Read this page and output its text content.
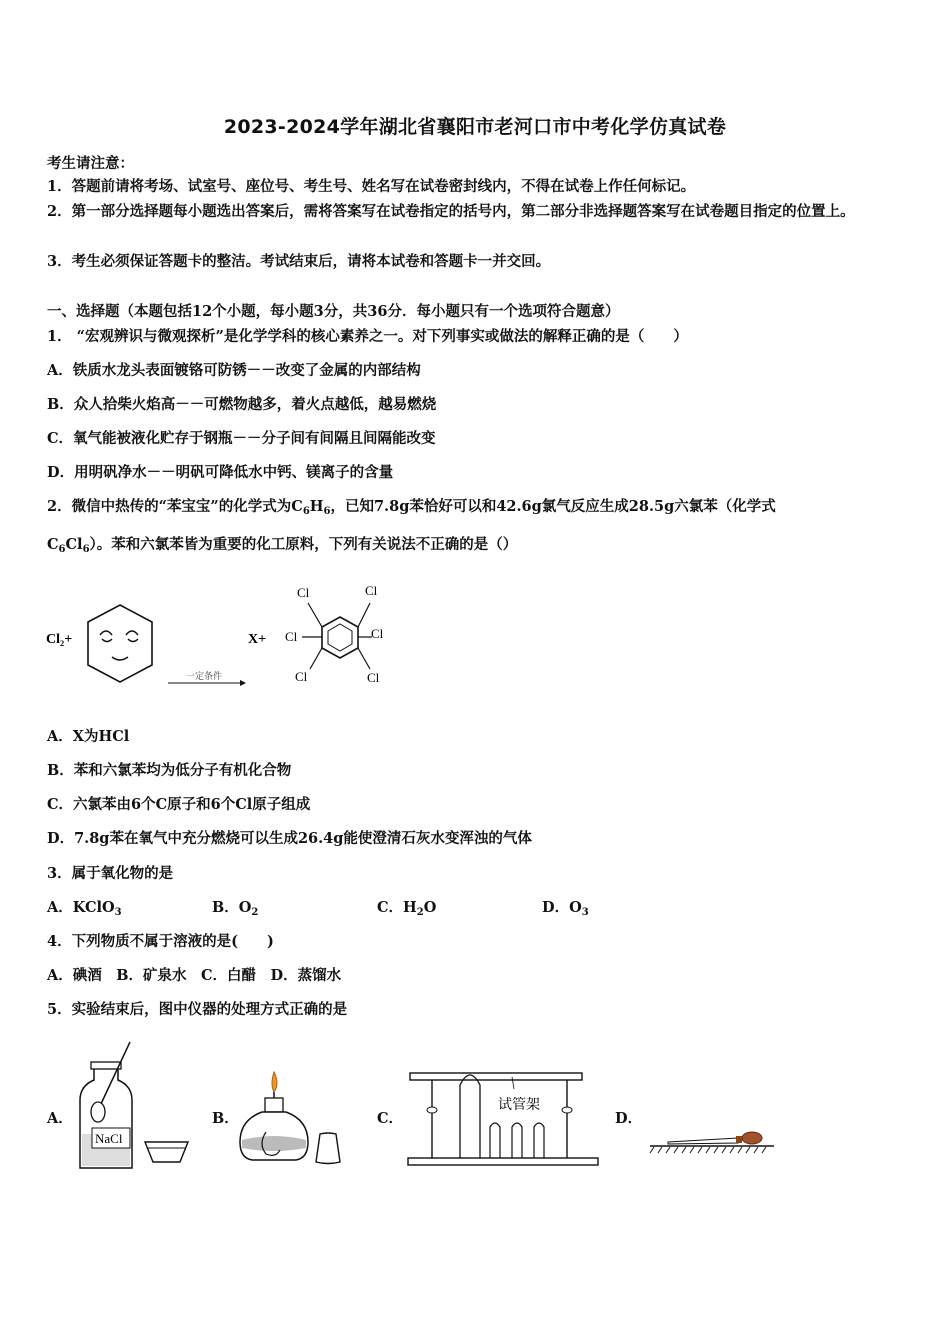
2023-2024学年湖北省襄阳市老河口市中考化学仿真试卷
考生请注意：
1．答题前请将考场、试室号、座位号、考生号、姓名写在试卷密封线内，不得在试卷上作任何标记。
2．第一部分选择题每小题选出答案后，需将答案写在试卷指定的括号内，第二部分非选择题答案写在试卷题目指定的位置上。
3．考生必须保证答题卡的整洁。考试结束后，请将本试卷和答题卡一并交回。
一、选择题（本题包括12个小题，每小题3分，共36分．每小题只有一个选项符合题意）
1． “宏观辨识与微观探析”是化学学科的核心素养之一。对下列事实或做法的解释正确的是（　　）
A．铁质水龙头表面镀铬可防锈－－改变了金属的内部结构
B．众人拾柴火焰高－－可燃物越多，着火点越低，越易燃烧
C．氧气能被液化贮存于钢瓶－－分子间有间隔且间隔能改变
D．用明矾净水－－明矾可降低水中钙、镁离子的含量
2．微信中热传的“苯宝宝”的化学式为$C_6H_6$，已知7.8g苯恰好可以和42.6g氯气反应生成28.5g六氯苯（化学式
$C_6Cl_6$）。苯和六氯苯皆为重要的化工原料，下列有关说法不正确的是（）
Cl₂+
一定条件
X+
Cl	Cl
Cl	Cl
Cl	Cl
A．X为HCl
B．苯和六氯苯均为低分子有机化合物
C．六氯苯由6个C原子和6个Cl原子组成
D．7.8g苯在氧气中充分燃烧可以生成26.4g能使澄清石灰水变浑浊的气体
3．属于氧化物的是
A．KClO$_3$	B．$O_2$	C．$H_2O$	D．$O_3$
4．下列物质不属于溶液的是(　　)
A．碘酒　B．矿泉水　C．白醋　D．蒸馏水
5．实验结束后，图中仪器的处理方式正确的是
A．	B．	C．	D．
NaCl
试管架
